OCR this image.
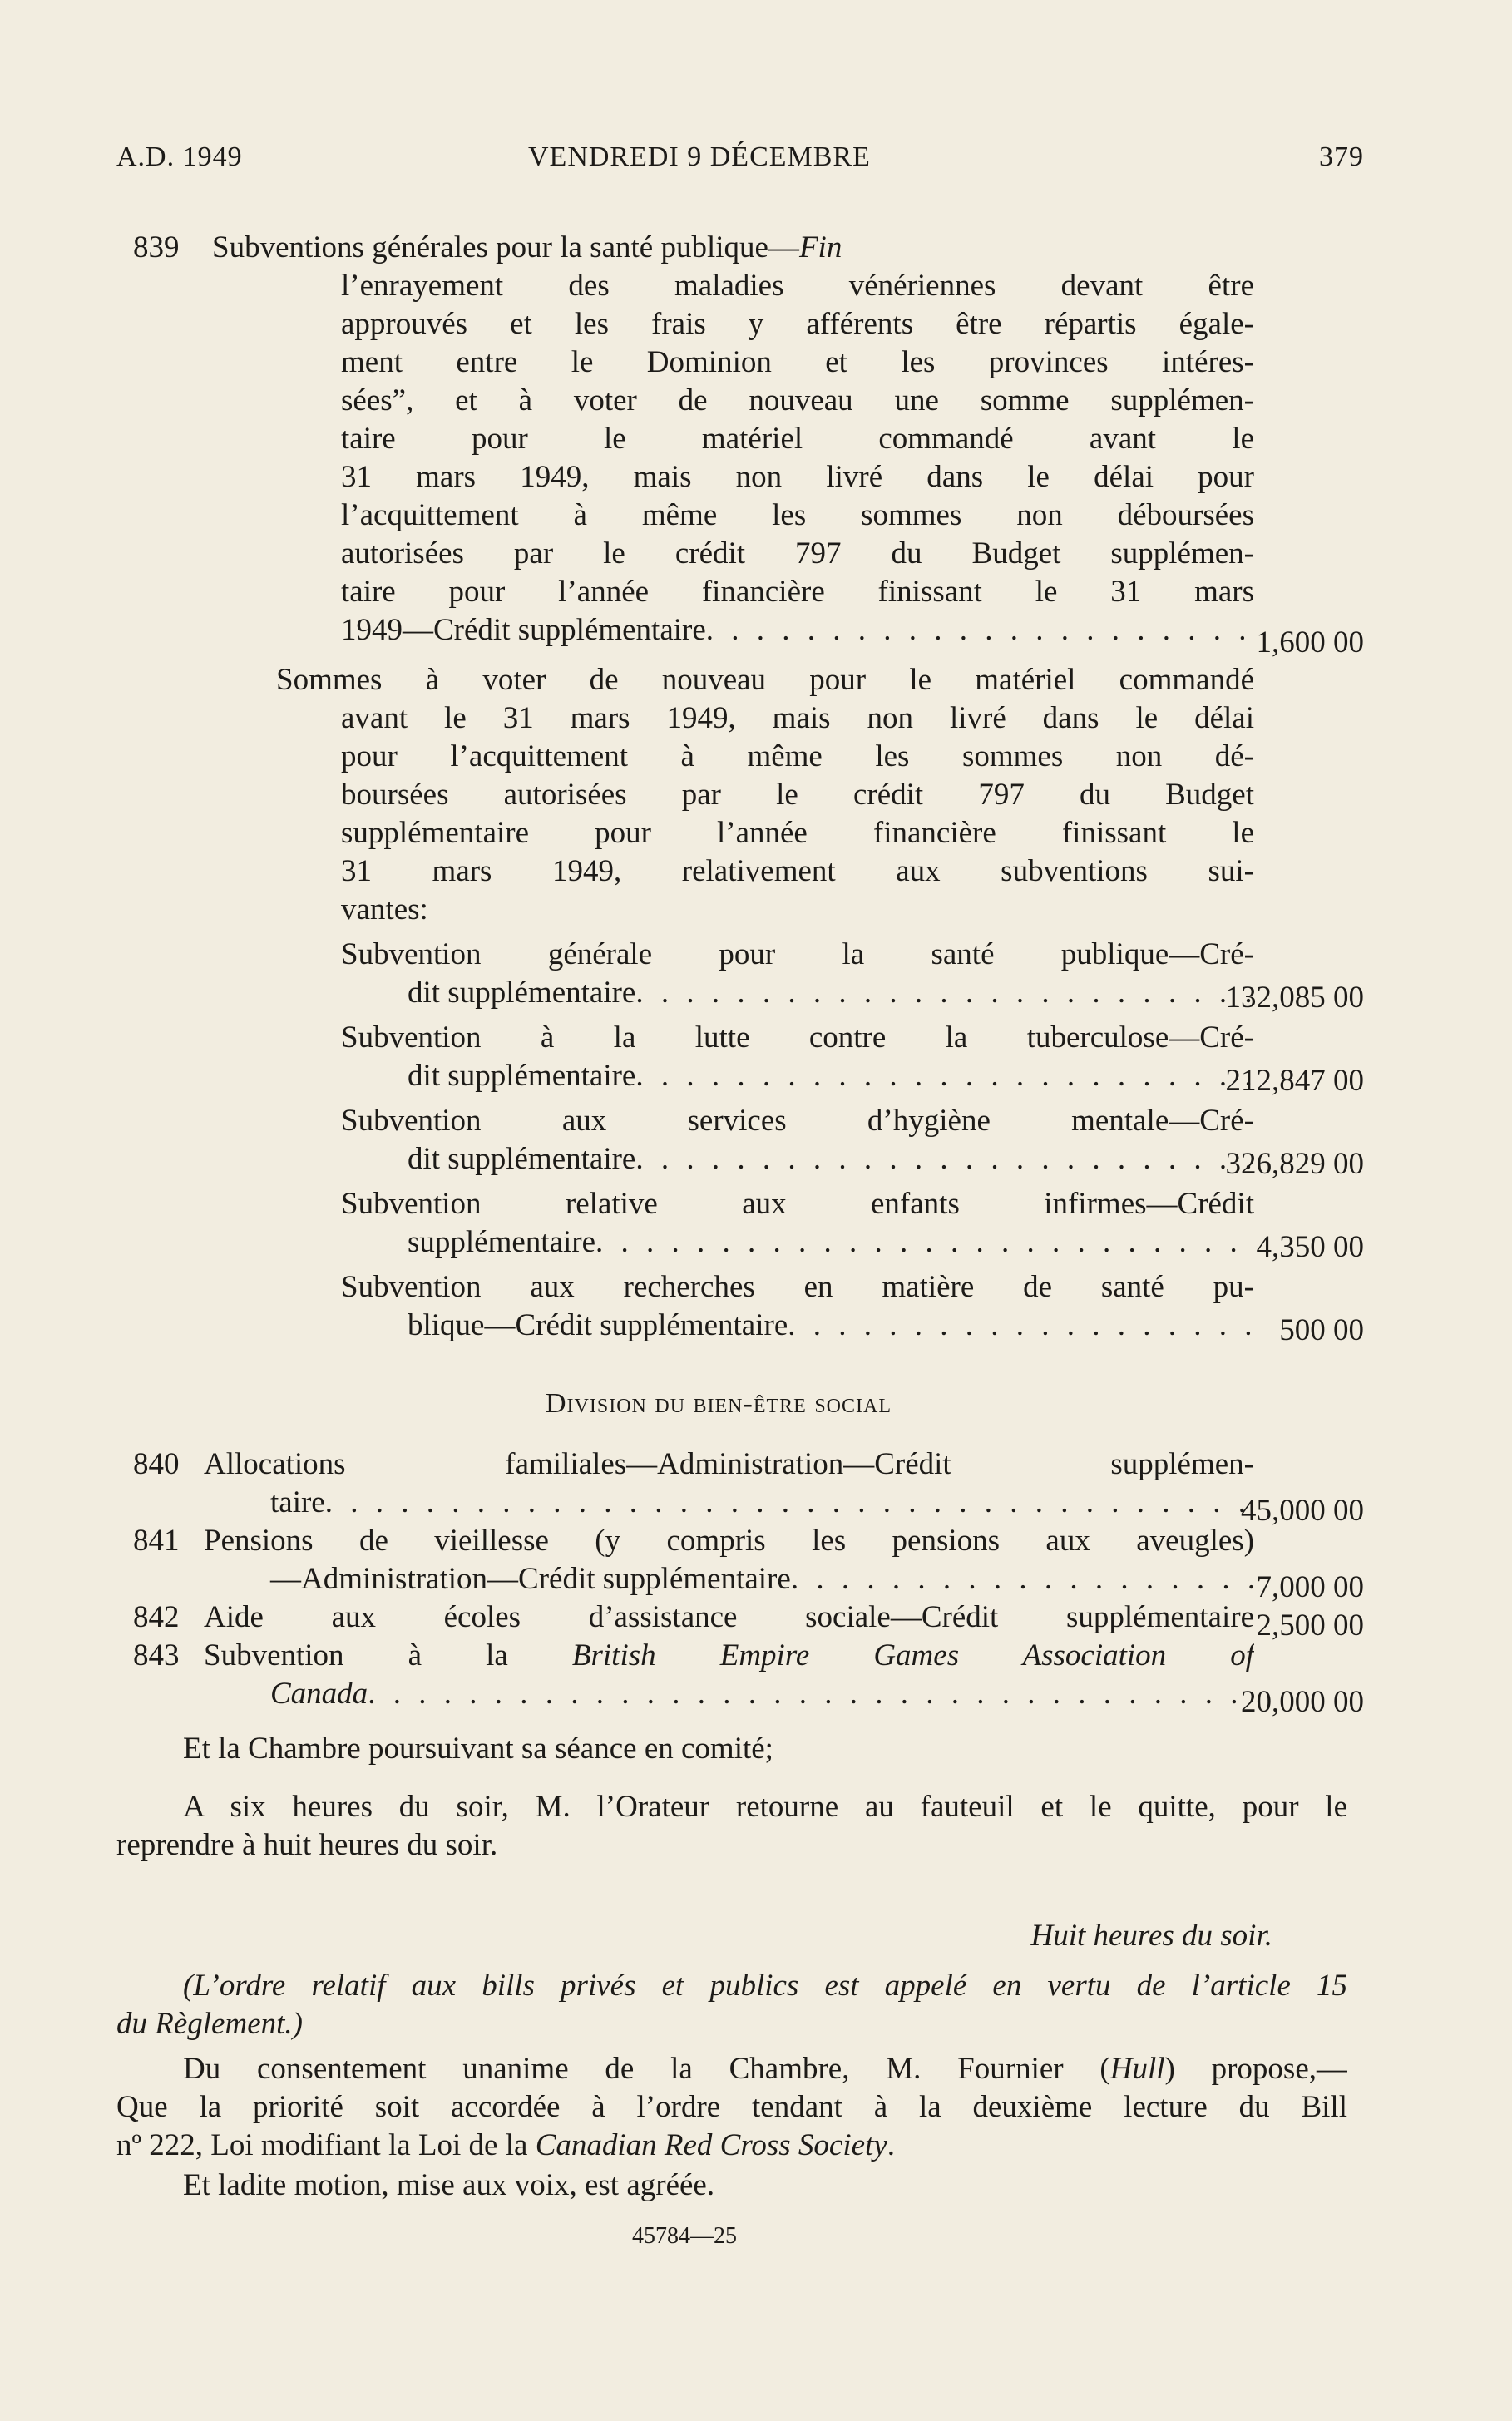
A.D. 1949	VENDREDI 9 DÉCEMBRE	379
839	Subventions générales pour la santé publique—Fin
l’enrayement des maladies vénériennes devant être
approuvés et les frais y afférents être répartis égale-
ment entre le Dominion et les provinces intéres-
sées”, et à voter de nouveau une somme supplémen-
taire pour le matériel commandé avant le
31 mars 1949, mais non livré dans le délai pour
l’acquittement à même les sommes non déboursées
autorisées par le crédit 797 du Budget supplémen-
taire pour l’année financière finissant le 31 mars
1949—Crédit supplémentaire . . .	1,600 00
Sommes à voter de nouveau pour le matériel commandé
avant le 31 mars 1949, mais non livré dans le délai
pour l’acquittement à même les sommes non dé-
boursées autorisées par le crédit 797 du Budget
supplémentaire pour l’année financière finissant le
31 mars 1949, relativement aux subventions sui-
vantes:
Subvention générale pour la santé publique—Cré-
dit supplémentaire . . .	132,085 00
Subvention à la lutte contre la tuberculose—Cré-
dit supplémentaire . . .	212,847 00
Subvention aux services d’hygiène mentale—Cré-
dit supplémentaire . . .	326,829 00
Subvention relative aux enfants infirmes—Crédit
supplémentaire . . .	4,350 00
Subvention aux recherches en matière de santé pu-
blique—Crédit supplémentaire . . .	500 00
Division du bien-être social
840 Allocations familiales—Administration—Crédit supplémen-
taire . . .	45,000 00
841 Pensions de vieillesse (y compris les pensions aux aveugles)
—Administration—Crédit supplémentaire . . .	7,000 00
842 Aide aux écoles d’assistance sociale—Crédit supplémentaire 2,500 00
843 Subvention à la British Empire Games Association of
Canada . . .	20,000 00
Et la Chambre poursuivant sa séance en comité;
A six heures du soir, M. l’Orateur retourne au fauteuil et le quitte, pour le
reprendre à huit heures du soir.
Huit heures du soir.
(L’ordre relatif aux bills privés et publics est appelé en vertu de l’article 15
du Règlement.)
Du consentement unanime de la Chambre, M. Fournier (Hull) propose,—
Que la priorité soit accordée à l’ordre tendant à la deuxième lecture du Bill
nº 222, Loi modifiant la Loi de la Canadian Red Cross Society.
Et ladite motion, mise aux voix, est agréée.
45784—25
